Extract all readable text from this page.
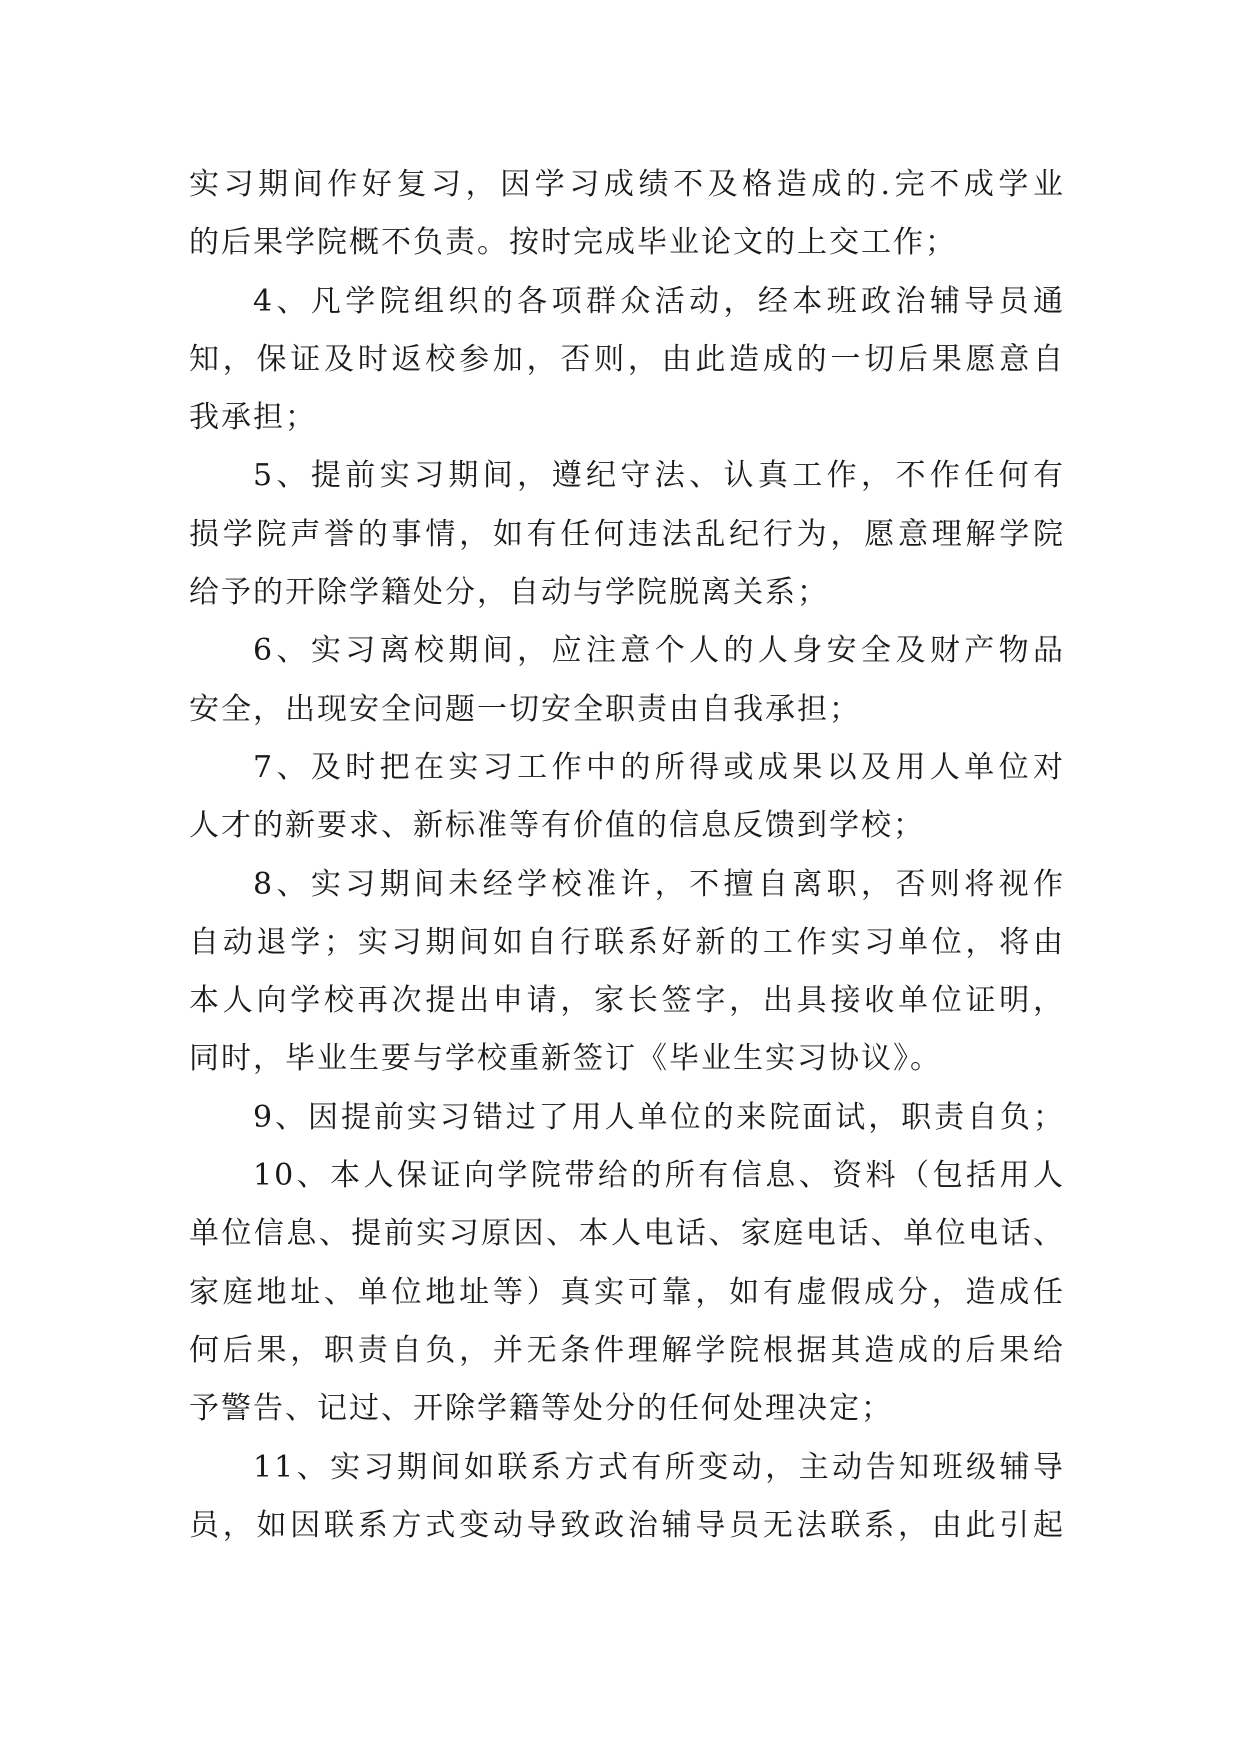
实习期间作好复习，因学习成绩不及格造成的.完不成学业
的后果学院概不负责。按时完成毕业论文的上交工作；
4、凡学院组织的各项群众活动，经本班政治辅导员通
知，保证及时返校参加，否则，由此造成的一切后果愿意自
我承担；
5、提前实习期间，遵纪守法、认真工作，不作任何有
损学院声誉的事情，如有任何违法乱纪行为，愿意理解学院
给予的开除学籍处分，自动与学院脱离关系；
6、实习离校期间，应注意个人的人身安全及财产物品
安全，出现安全问题一切安全职责由自我承担；
7、及时把在实习工作中的所得或成果以及用人单位对
人才的新要求、新标准等有价值的信息反馈到学校；
8、实习期间未经学校准许，不擅自离职，否则将视作
自动退学；实习期间如自行联系好新的工作实习单位，将由
本人向学校再次提出申请，家长签字，出具接收单位证明，
同时，毕业生要与学校重新签订《毕业生实习协议》。
9、因提前实习错过了用人单位的来院面试，职责自负；
10、本人保证向学院带给的所有信息、资料（包括用人
单位信息、提前实习原因、本人电话、家庭电话、单位电话、
家庭地址、单位地址等）真实可靠，如有虚假成分，造成任
何后果，职责自负，并无条件理解学院根据其造成的后果给
予警告、记过、开除学籍等处分的任何处理决定；
11、实习期间如联系方式有所变动，主动告知班级辅导
员，如因联系方式变动导致政治辅导员无法联系，由此引起
